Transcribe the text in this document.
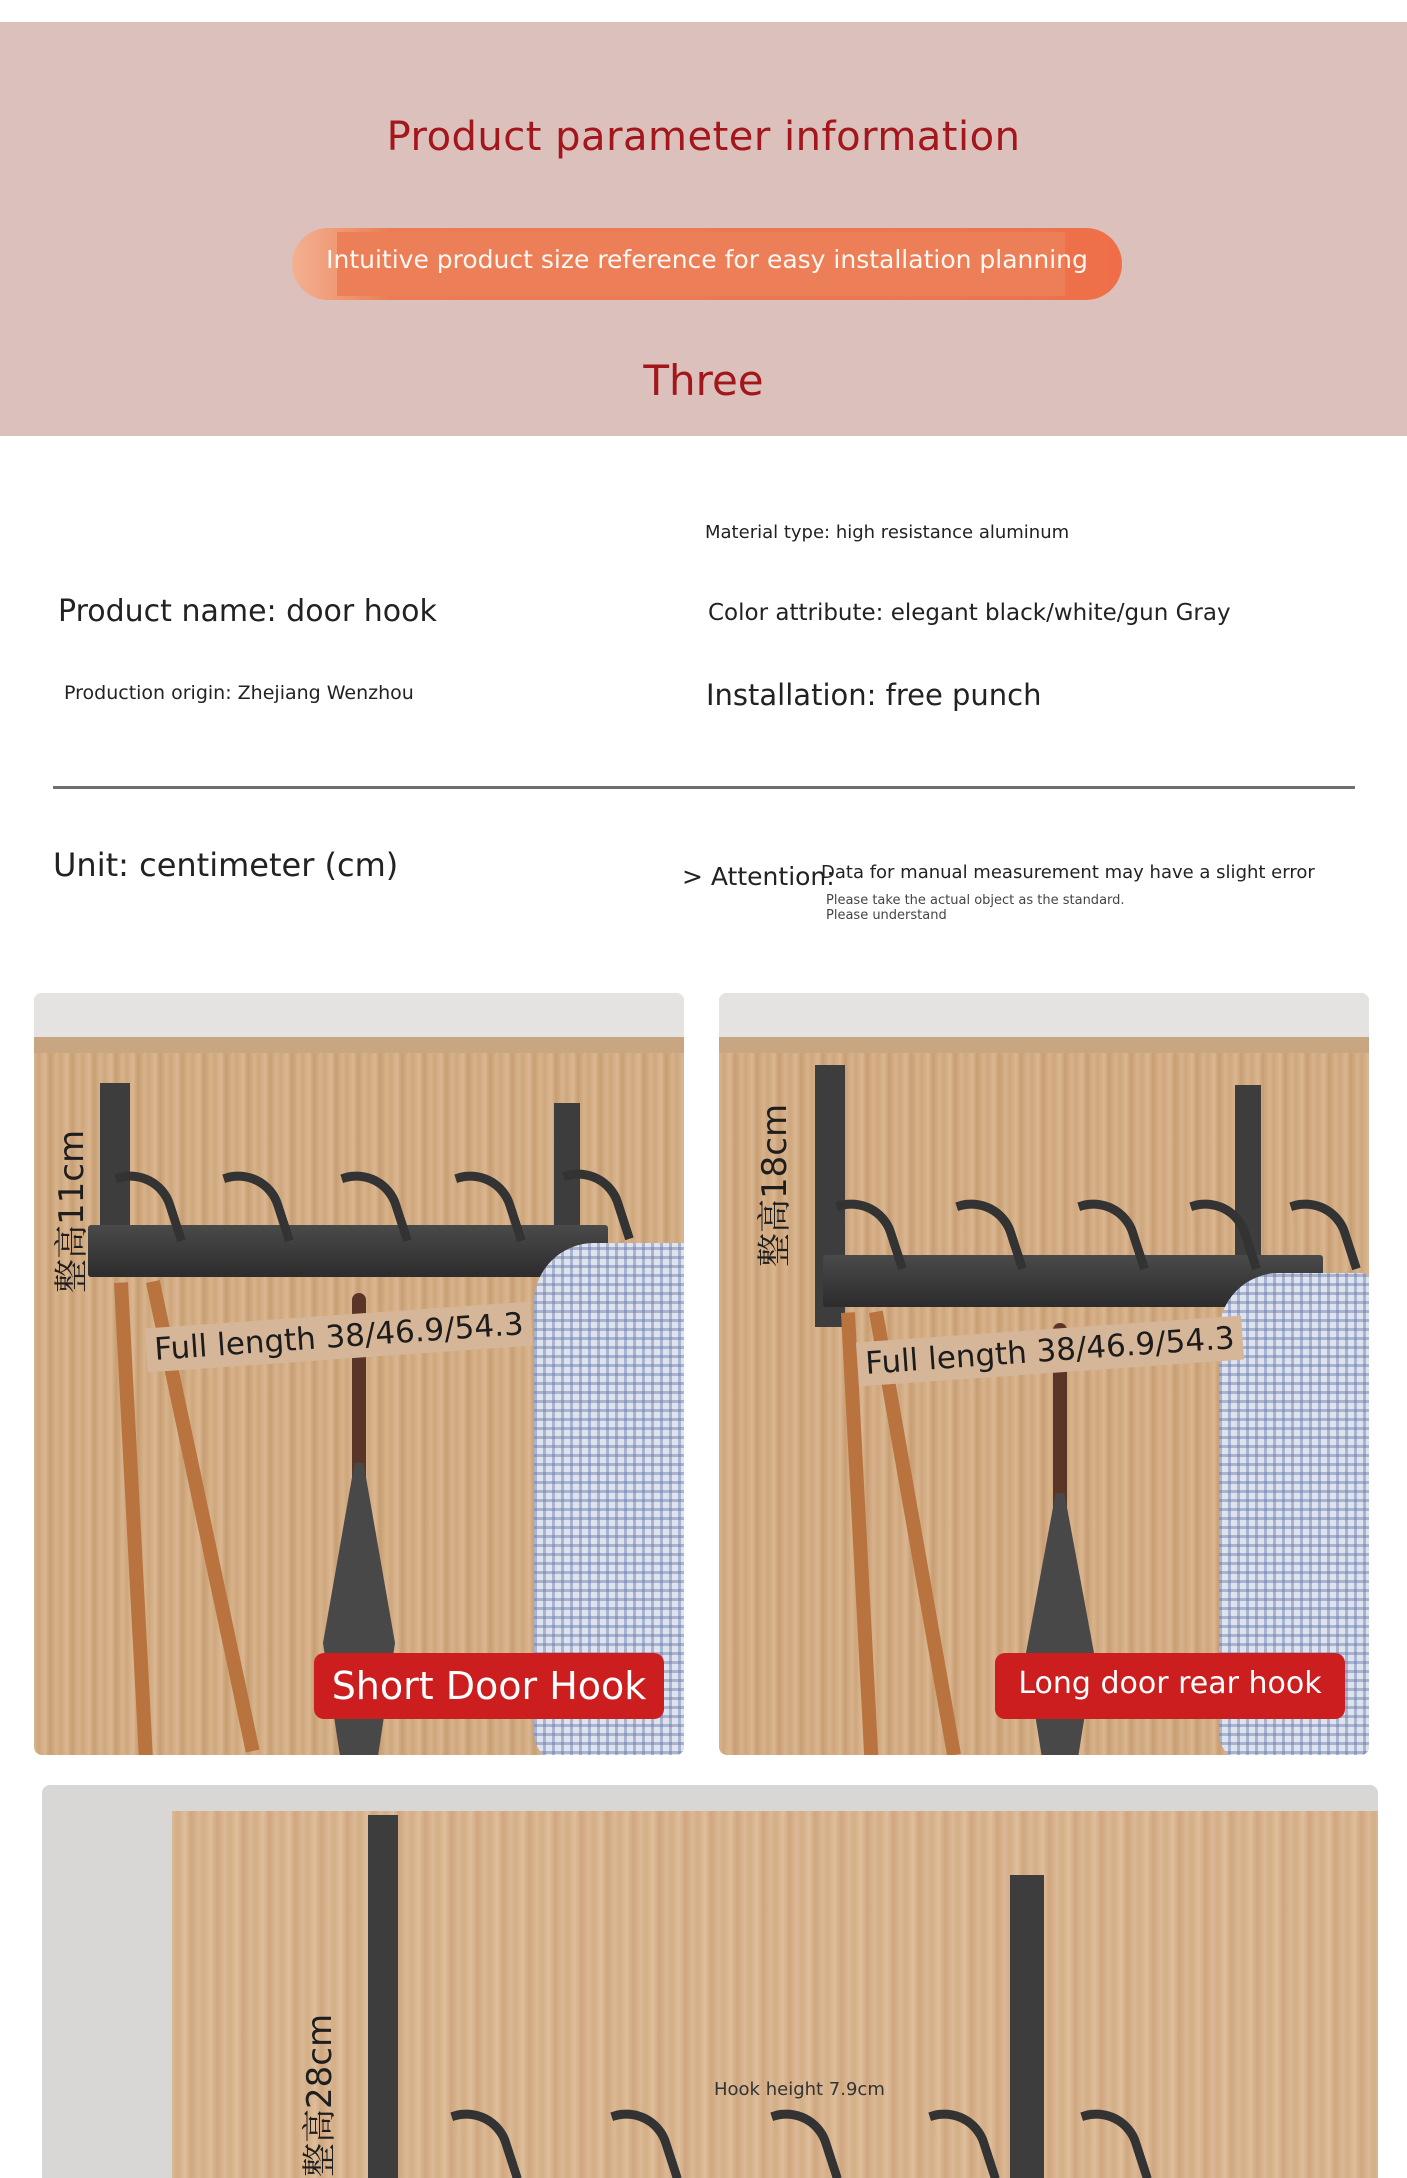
Product parameter information
Intuitive product size reference for easy installation planning
Three
Material type: high resistance aluminum
Product name: door hook	Color attribute: elegant black/white/gun Gray
Production origin: Zhejiang Wenzhou	Installation: free punch
Unit: centimeter (cm)	> Attention:
Data for manual measurement may have a slight error
Please take the actual object as the standard.
Please understand
整高11cm
Full length 38/46.9/54.3
Short Door Hook
整高18cm
Full length 38/46.9/54.3
Long door rear hook
整高28cm	Hook height 7.9cm
